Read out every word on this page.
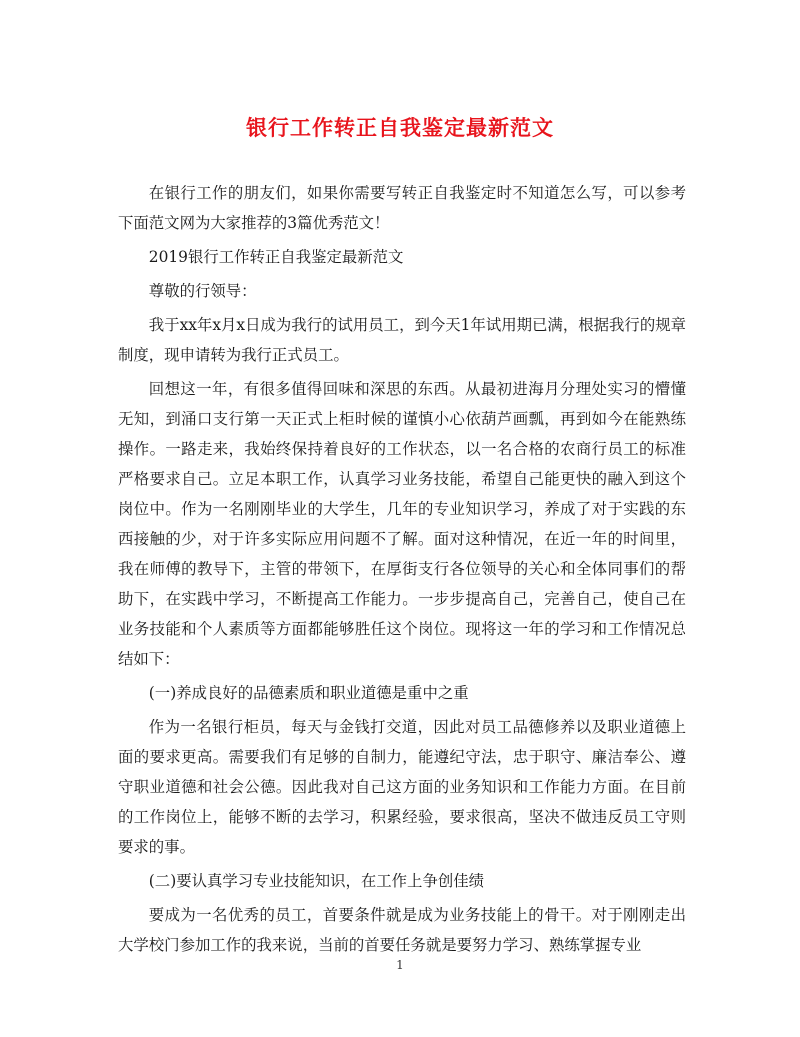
银行工作转正自我鉴定最新范文

在银行工作的朋友们，如果你需要写转正自我鉴定时不知道怎么写，可以参考下面范文网为大家推荐的3篇优秀范文！

2019银行工作转正自我鉴定最新范文

尊敬的行领导：

我于xx年x月x日成为我行的试用员工，到今天1年试用期已满，根据我行的规章制度，现申请转为我行正式员工。

回想这一年，有很多值得回味和深思的东西。从最初进海月分理处实习的懵懂无知，到涌口支行第一天正式上柜时候的谨慎小心依葫芦画瓢，再到如今在能熟练操作。一路走来，我始终保持着良好的工作状态，以一名合格的农商行员工的标准严格要求自己。立足本职工作，认真学习业务技能，希望自己能更快的融入到这个岗位中。作为一名刚刚毕业的大学生，几年的专业知识学习，养成了对于实践的东西接触的少，对于许多实际应用问题不了解。面对这种情况，在近一年的时间里，我在师傅的教导下，主管的带领下，在厚街支行各位领导的关心和全体同事们的帮助下，在实践中学习，不断提高工作能力。一步步提高自己，完善自己，使自己在业务技能和个人素质等方面都能够胜任这个岗位。现将这一年的学习和工作情况总结如下：

(一)养成良好的品德素质和职业道德是重中之重

作为一名银行柜员，每天与金钱打交道，因此对员工品德修养以及职业道德上面的要求更高。需要我们有足够的自制力，能遵纪守法，忠于职守、廉洁奉公、遵守职业道德和社会公德。因此我对自己这方面的业务知识和工作能力方面。在目前的工作岗位上，能够不断的去学习，积累经验，要求很高，坚决不做违反员工守则要求的事。

(二)要认真学习专业技能知识，在工作上争创佳绩

要成为一名优秀的员工，首要条件就是成为业务技能上的骨干。对于刚刚走出大学校门参加工作的我来说，当前的首要任务就是要努力学习、熟练掌握专业

1
